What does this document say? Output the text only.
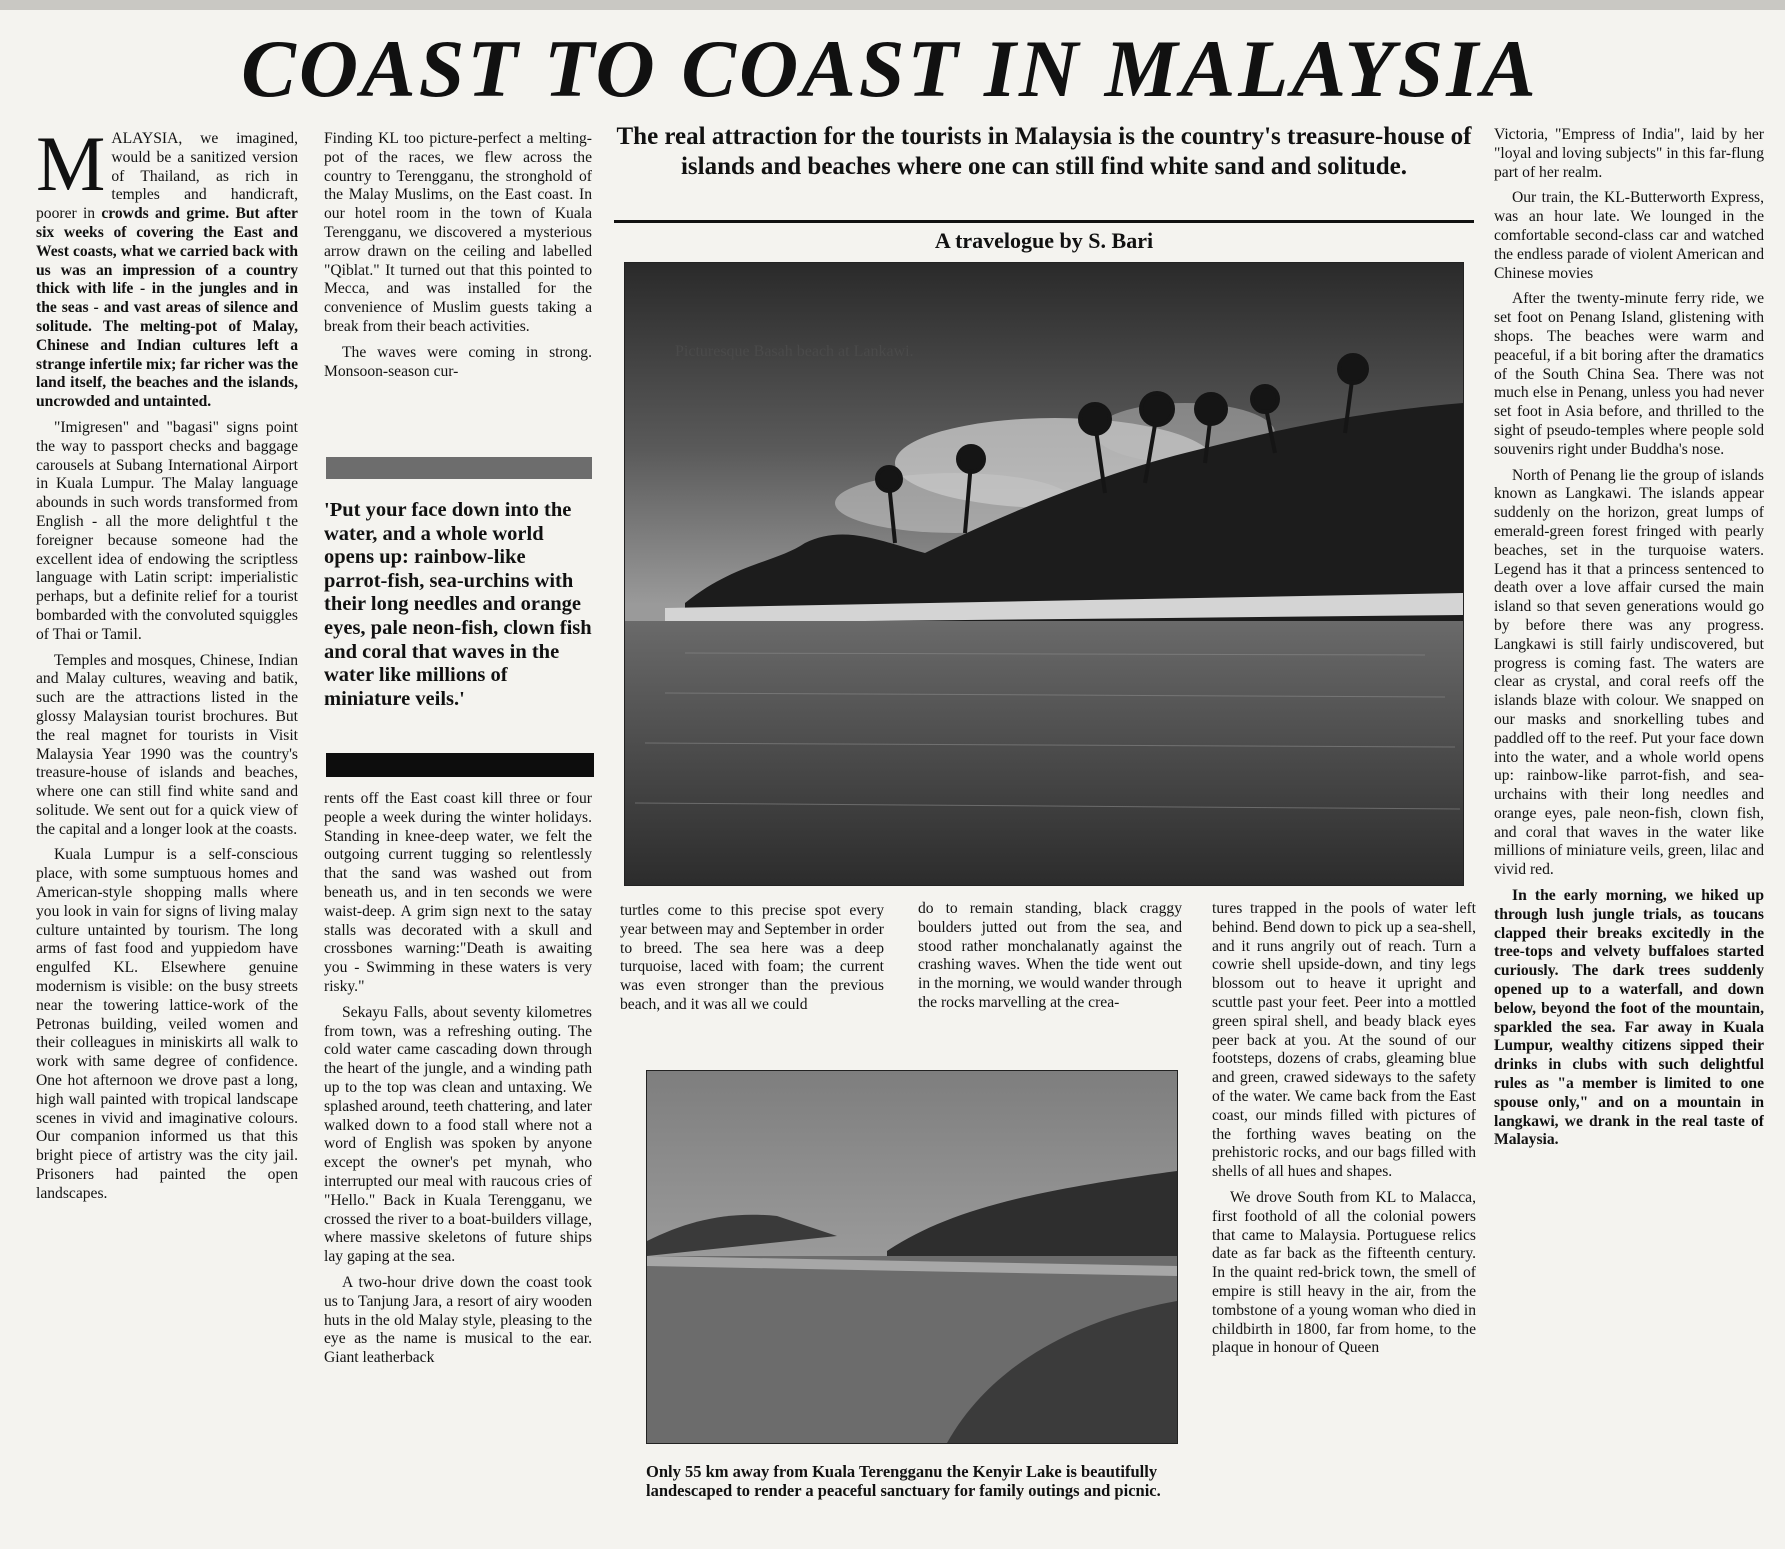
COAST TO COAST IN MALAYSIA

MALAYSIA, we imagined, would be a sanitized version of Thailand, as rich in temples and handicraft, poorer in crowds and grime. But after six weeks of covering the East and West coasts, what we carried back with us was an impression of a country thick with life - in the jungles and in the seas - and vast areas of silence and solitude. The melting-pot of Malay, Chinese and Indian cultures left a strange infertile mix; far richer was the land itself, the beaches and the islands, uncrowded and untainted.

"Imigresen" and "bagasi" signs point the way to passport checks and baggage carousels at Subang International Airport in Kuala Lumpur. The Malay language abounds in such words transformed from English - all the more delightful t the foreigner because someone had the excellent idea of endowing the scriptless language with Latin script: imperialistic perhaps, but a definite relief for a tourist bombarded with the convoluted squiggles of Thai or Tamil.

Temples and mosques, Chinese, Indian and Malay cultures, weaving and batik, such are the attractions listed in the glossy Malaysian tourist brochures. But the real magnet for tourists in Visit Malaysia Year 1990 was the country's treasure-house of islands and beaches, where one can still find white sand and solitude. We sent out for a quick view of the capital and a longer look at the coasts.

Kuala Lumpur is a self-conscious place, with some sumptuous homes and American-style shopping malls where you look in vain for signs of living malay culture untainted by tourism. The long arms of fast food and yuppiedom have engulfed KL. Elsewhere genuine modernism is visible: on the busy streets near the towering lattice-work of the Petronas building, veiled women and their colleagues in miniskirts all walk to work with same degree of confidence. One hot afternoon we drove past a long, high wall painted with tropical landscape scenes in vivid and imaginative colours. Our companion informed us that this bright piece of artistry was the city jail. Prisoners had painted the open landscapes.

Finding KL too picture-perfect a melting-pot of the races, we flew across the country to Terengganu, the stronghold of the Malay Muslims, on the East coast. In our hotel room in the town of Kuala Terengganu, we discovered a mysterious arrow drawn on the ceiling and labelled "Qiblat." It turned out that this pointed to Mecca, and was installed for the convenience of Muslim guests taking a break from their beach activities.

The waves were coming in strong. Monsoon-season cur-

'Put your face down into the water, and a whole world opens up: rainbow-like parrot-fish, sea-urchins with their long needles and orange eyes, pale neon-fish, clown fish and coral that waves in the water like millions of miniature veils.'

rents off the East coast kill three or four people a week during the winter holidays. Standing in knee-deep water, we felt the outgoing current tugging so relentlessly that the sand was washed out from beneath us, and in ten seconds we were waist-deep. A grim sign next to the satay stalls was decorated with a skull and crossbones warning:"Death is awaiting you - Swimming in these waters is very risky."

Sekayu Falls, about seventy kilometres from town, was a refreshing outing. The cold water came cascading down through the heart of the jungle, and a winding path up to the top was clean and untaxing. We splashed around, teeth chattering, and later walked down to a food stall where not a word of English was spoken by anyone except the owner's pet mynah, who interrupted our meal with raucous cries of "Hello." Back in Kuala Terengganu, we crossed the river to a boat-builders village, where massive skeletons of future ships lay gaping at the sea.

A two-hour drive down the coast took us to Tanjung Jara, a resort of airy wooden huts in the old Malay style, pleasing to the eye as the name is musical to the ear. Giant leatherback

The real attraction for the tourists in Malaysia is the country's treasure-house of islands and beaches where one can still find white sand and solitude.
A travelogue by S. Bari
Picturesque Basah beach at Lankawi.

turtles come to this precise spot every year between may and September in order to breed. The sea here was a deep turquoise, laced with foam; the current was even stronger than the previous beach, and it was all we could

do to remain standing, black craggy boulders jutted out from the sea, and stood rather monchalanatly against the crashing waves. When the tide went out in the morning, we would wander through the rocks marvelling at the crea-

Only 55 km away from Kuala Terengganu the Kenyir Lake is beautifully landescaped to render a peaceful sanctuary for family outings and picnic.

tures trapped in the pools of water left behind. Bend down to pick up a sea-shell, and it runs angrily out of reach. Turn a cowrie shell upside-down, and tiny legs blossom out to heave it upright and scuttle past your feet. Peer into a mottled green spiral shell, and beady black eyes peer back at you. At the sound of our footsteps, dozens of crabs, gleaming blue and green, crawed sideways to the safety of the water. We came back from the East coast, our minds filled with pictures of the forthing waves beating on the prehistoric rocks, and our bags filled with shells of all hues and shapes.

We drove South from KL to Malacca, first foothold of all the colonial powers that came to Malaysia. Portuguese relics date as far back as the fifteenth century. In the quaint red-brick town, the smell of empire is still heavy in the air, from the tombstone of a young woman who died in childbirth in 1800, far from home, to the plaque in honour of Queen

Victoria, "Empress of India", laid by her "loyal and loving subjects" in this far-flung part of her realm.

Our train, the KL-Butterworth Express, was an hour late. We lounged in the comfortable second-class car and watched the endless parade of violent American and Chinese movies

After the twenty-minute ferry ride, we set foot on Penang Island, glistening with shops. The beaches were warm and peaceful, if a bit boring after the dramatics of the South China Sea. There was not much else in Penang, unless you had never set foot in Asia before, and thrilled to the sight of pseudo-temples where people sold souvenirs right under Buddha's nose.

North of Penang lie the group of islands known as Langkawi. The islands appear suddenly on the horizon, great lumps of emerald-green forest fringed with pearly beaches, set in the turquoise waters. Legend has it that a princess sentenced to death over a love affair cursed the main island so that seven generations would go by before there was any progress. Langkawi is still fairly undiscovered, but progress is coming fast. The waters are clear as crystal, and coral reefs off the islands blaze with colour. We snapped on our masks and snorkelling tubes and paddled off to the reef. Put your face down into the water, and a whole world opens up: rainbow-like parrot-fish, and sea-urchains with their long needles and orange eyes, pale neon-fish, clown fish, and coral that waves in the water like millions of miniature veils, green, lilac and vivid red.

In the early morning, we hiked up through lush jungle trials, as toucans clapped their breaks excitedly in the tree-tops and velvety buffaloes started curiously. The dark trees suddenly opened up to a waterfall, and down below, beyond the foot of the mountain, sparkled the sea. Far away in Kuala Lumpur, wealthy citizens sipped their drinks in clubs with such delightful rules as "a member is limited to one spouse only," and on a mountain in langkawi, we drank in the real taste of Malaysia.
